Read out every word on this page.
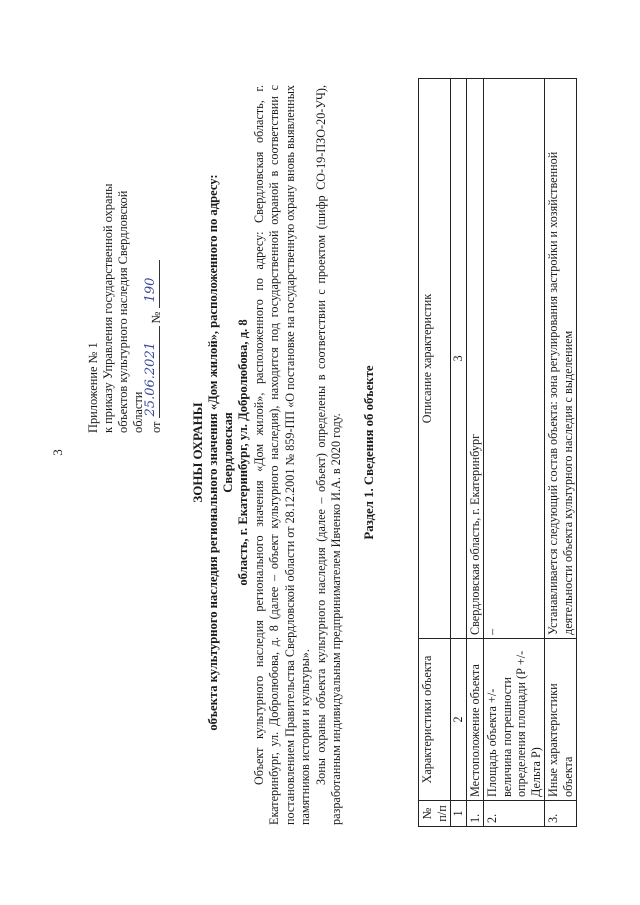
3
Приложение № 1 к приказу Управления государственной охраны объектов культурного наследия Свердловской области от
25.06.2021
№
190
ЗОНЫ ОХРАНЫ объекта культурного наследия регионального значения «Дом жилой», расположенного по адресу: Свердловская область, г. Екатеринбург, ул. Добролюбова, д. 8 Объект культурного наследия регионального значения «Дом жилой», расположенного по адресу: Свердловская область, г. Екатеринбург, ул. Добролюбова, д. 8 (далее – объект культурного наследия), находится под государственной охраной в соответствии с постановлением Правительства Свердловской области от 28.12.2001 № 859-ПП «О постановке на государственную охрану вновь выявленных памятников истории и культуры». Зоны охраны объекта культурного наследия (далее – объект) определены в соответствии с проектом (шифр СО-19-ПЗО-20-УЧ), разработанным индивидуальным предпринимателем Ивченко И.А. в 2020 году. Раздел 1. Сведения об объекте
№ п/п	Характеристики объекта	Описание характеристик
1	2	3
1.	Местоположение объекта	Свердловская область, г. Екатеринбург
2.	Площадь объекта +/- величина погрешности определения площади (Р +/- Дельта Р)	–
3.	Иные характеристики объекта	Устанавливается следующий состав объекта: зона регулирования застройки и хозяйственной деятельности объекта культурного наследия с выделением
